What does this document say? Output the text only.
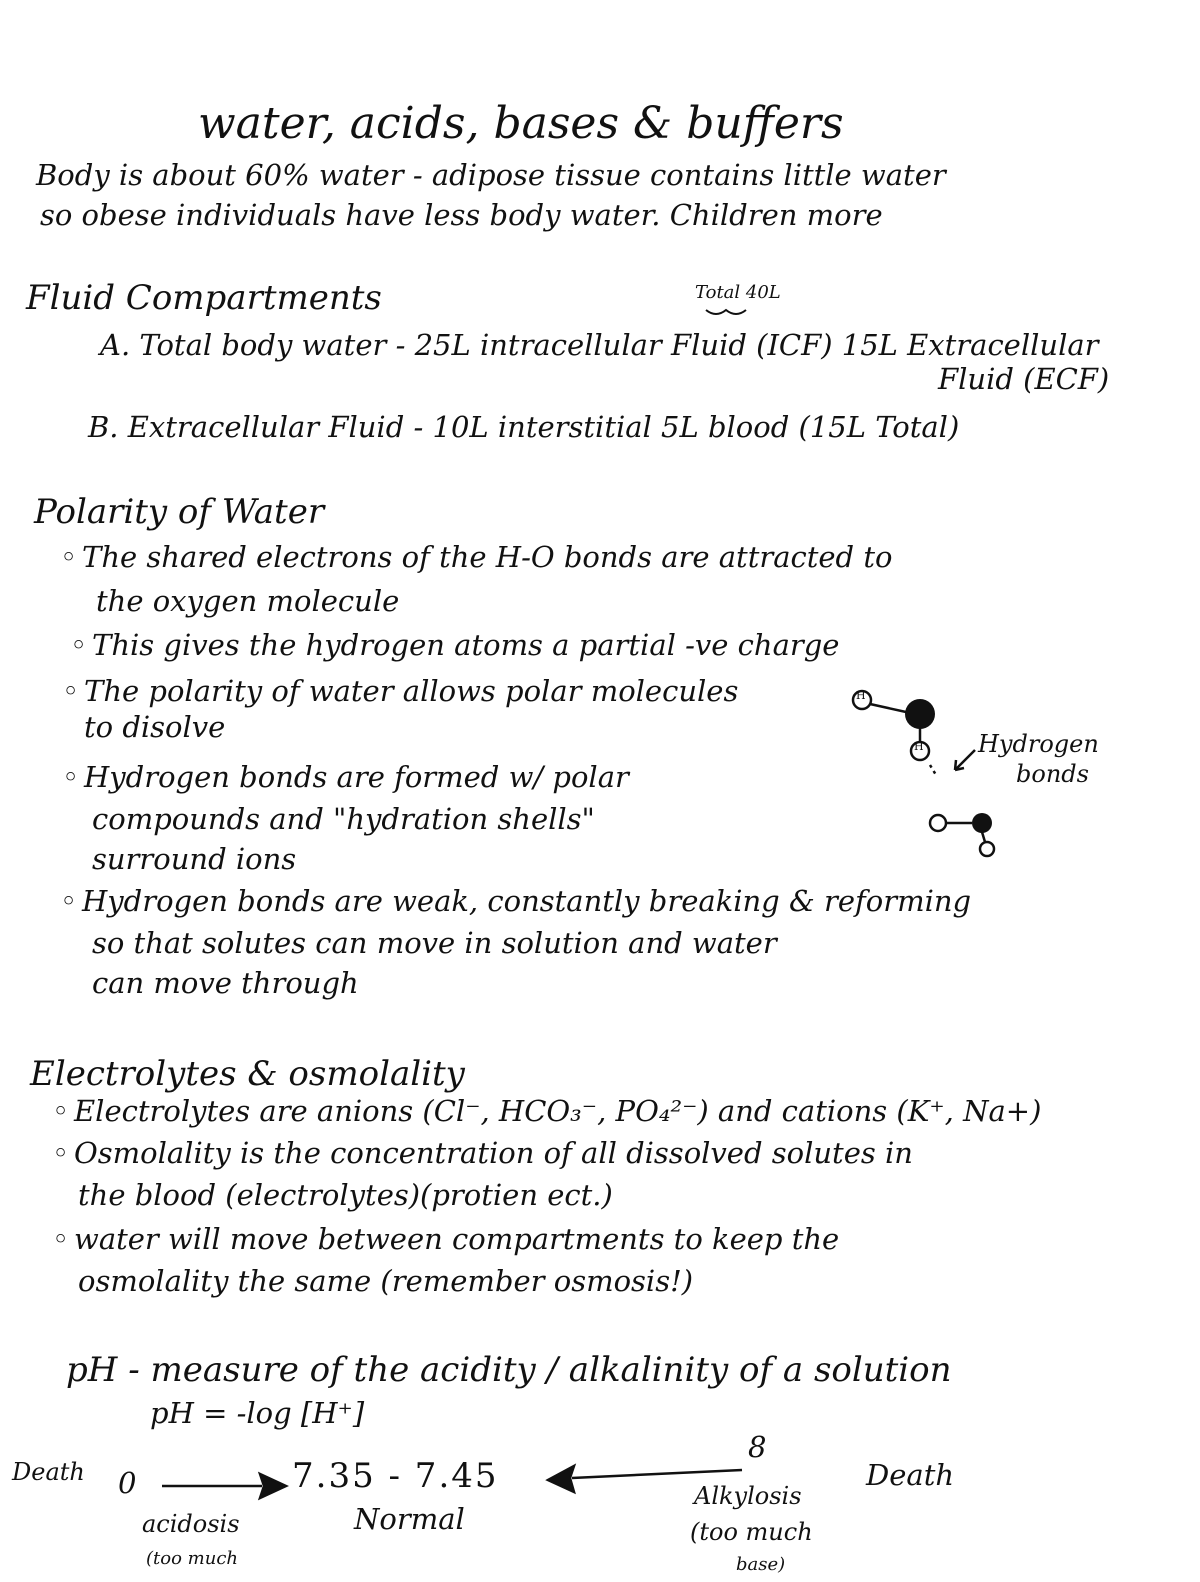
water, acids, bases & buffers
Body is about 60% water - adipose tissue contains little water
so obese individuals have less body water. Children more
Fluid Compartments	Total 40L
A. Total body water - 25L intracellular Fluid (ICF) 15L Extracellular
Fluid (ECF)
B. Extracellular Fluid - 10L interstitial 5L blood (15L Total)
Polarity of Water
◦ The shared electrons of the H-O bonds are attracted to
the oxygen molecule
◦ This gives the hydrogen atoms a partial -ve charge
◦ The polarity of water allows polar molecules
to disolve
◦ Hydrogen bonds are formed w/ polar
compounds and "hydration shells"
surround ions
◦ Hydrogen bonds are weak, constantly breaking & reforming
so that solutes can move in solution and water
can move through
H
H Hydrogen
bonds
Electrolytes & osmolality
◦ Electrolytes are anions (Cl⁻, HCO₃⁻, PO₄²⁻) and cations (K⁺, Na+)
◦ Osmolality is the concentration of all dissolved solutes in
the blood (electrolytes)(protien ect.)
◦ water will move between compartments to keep the
osmolality the same (remember osmosis!)
pH - measure of the acidity / alkalinity of a solution
pH = -log [H⁺]
Death 0	7.35 - 7.45
Normal
8
Death
acidosis
(too much
Alkylosis
(too much
base)
